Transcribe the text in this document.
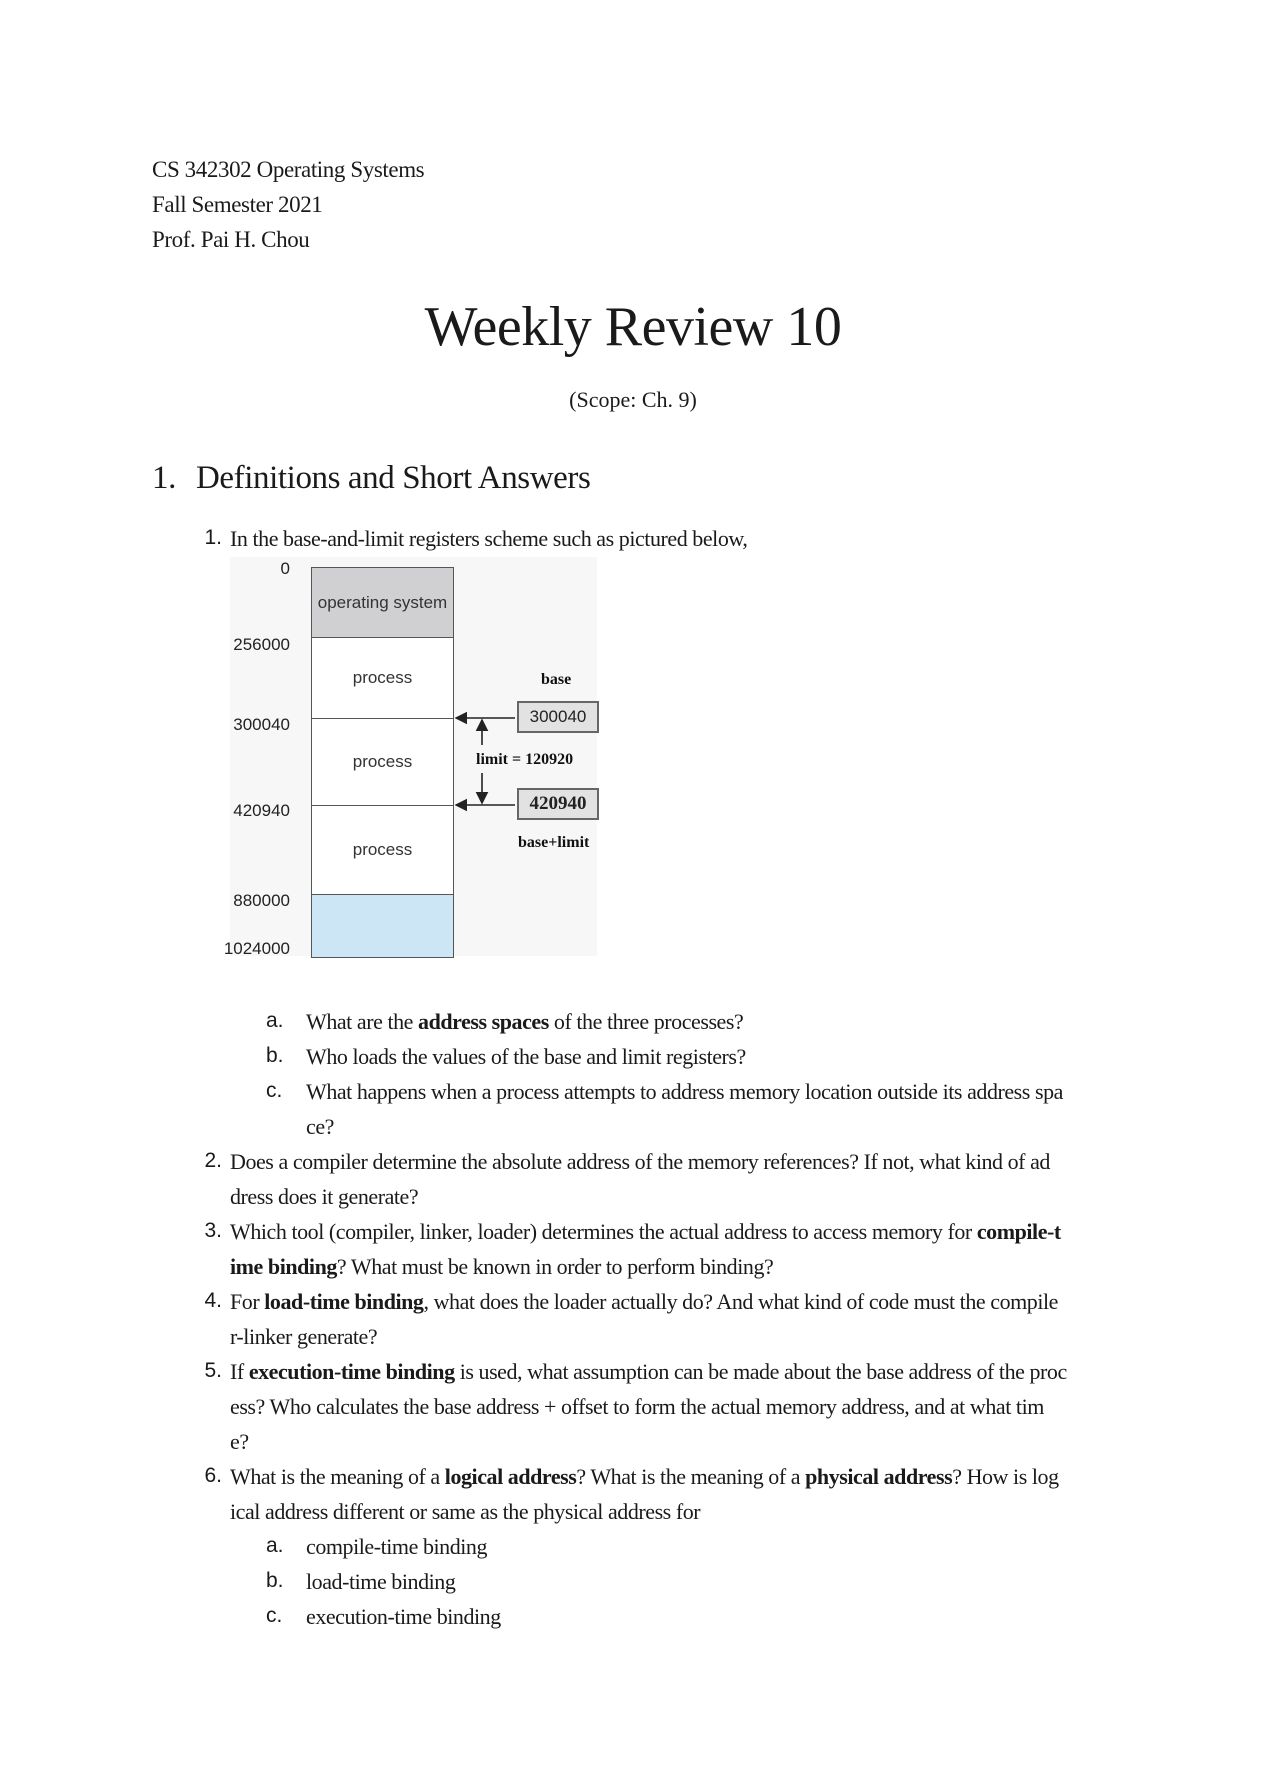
CS 342302 Operating Systems
Fall Semester 2021
Prof. Pai H. Chou
Weekly Review 10
(Scope: Ch. 9)
1. Definitions and Short Answers
1. In the base-and-limit registers scheme such as pictured below,
0
256000
300040
420940
880000
1024000
operating system
process
process
process
base
300040
limit = 120920
420940
base+limit
a. What are the address spaces of the three processes?
b. Who loads the values of the base and limit registers?
c. What happens when a process attempts to address memory location outside its address spa
ce?
2. Does a compiler determine the absolute address of the memory references? If not, what kind of ad
dress does it generate?
3. Which tool (compiler, linker, loader) determines the actual address to access memory for compile-t
ime binding? What must be known in order to perform binding?
4. For load-time binding, what does the loader actually do? And what kind of code must the compile
r-linker generate?
5. If execution-time binding is used, what assumption can be made about the base address of the proc
ess? Who calculates the base address + offset to form the actual memory address, and at what tim
e?
6. What is the meaning of a logical address? What is the meaning of a physical address? How is log
ical address different or same as the physical address for
a. compile-time binding
b. load-time binding
c. execution-time binding
